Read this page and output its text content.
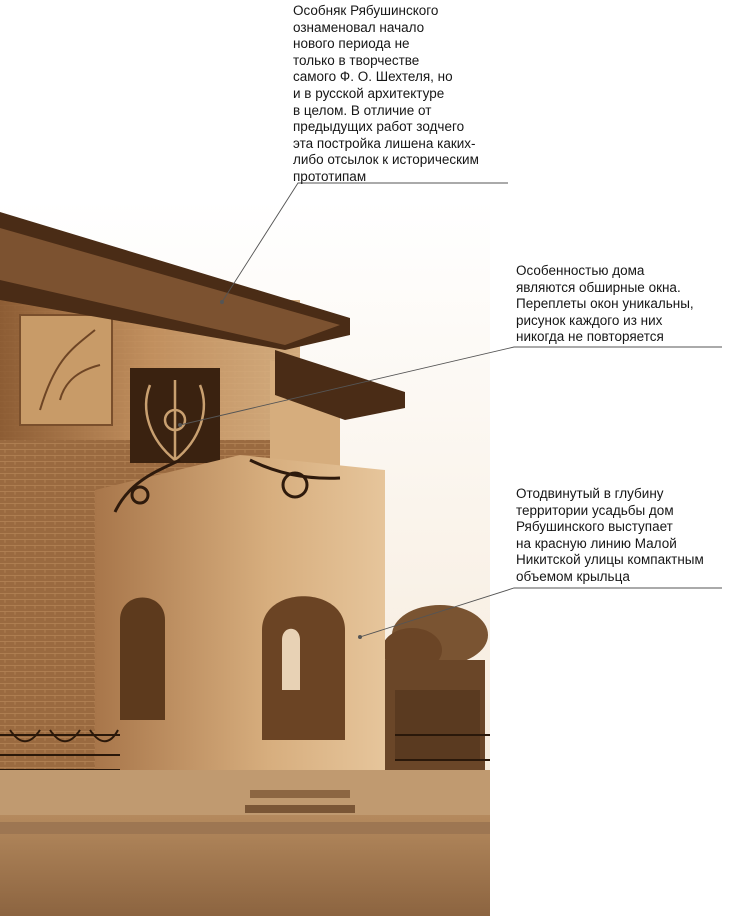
Особняк Рябушинского
ознаменовал начало
нового периода не
только в творчестве
самого Ф. О. Шехтеля, но
и в русской архитектуре
в целом. В отличие от
предыдущих работ зодчего
эта постройка лишена каких-
либо отсылок к историческим
прототипам
Особенностью дома
являются обширные окна.
Переплеты окон уникальны,
рисунок каждого из них
никогда не повторяется
Отодвинутый в глубину
территории усадьбы дом
Рябушинского выступает
на красную линию Малой
Никитской улицы компактным
объемом крыльца
